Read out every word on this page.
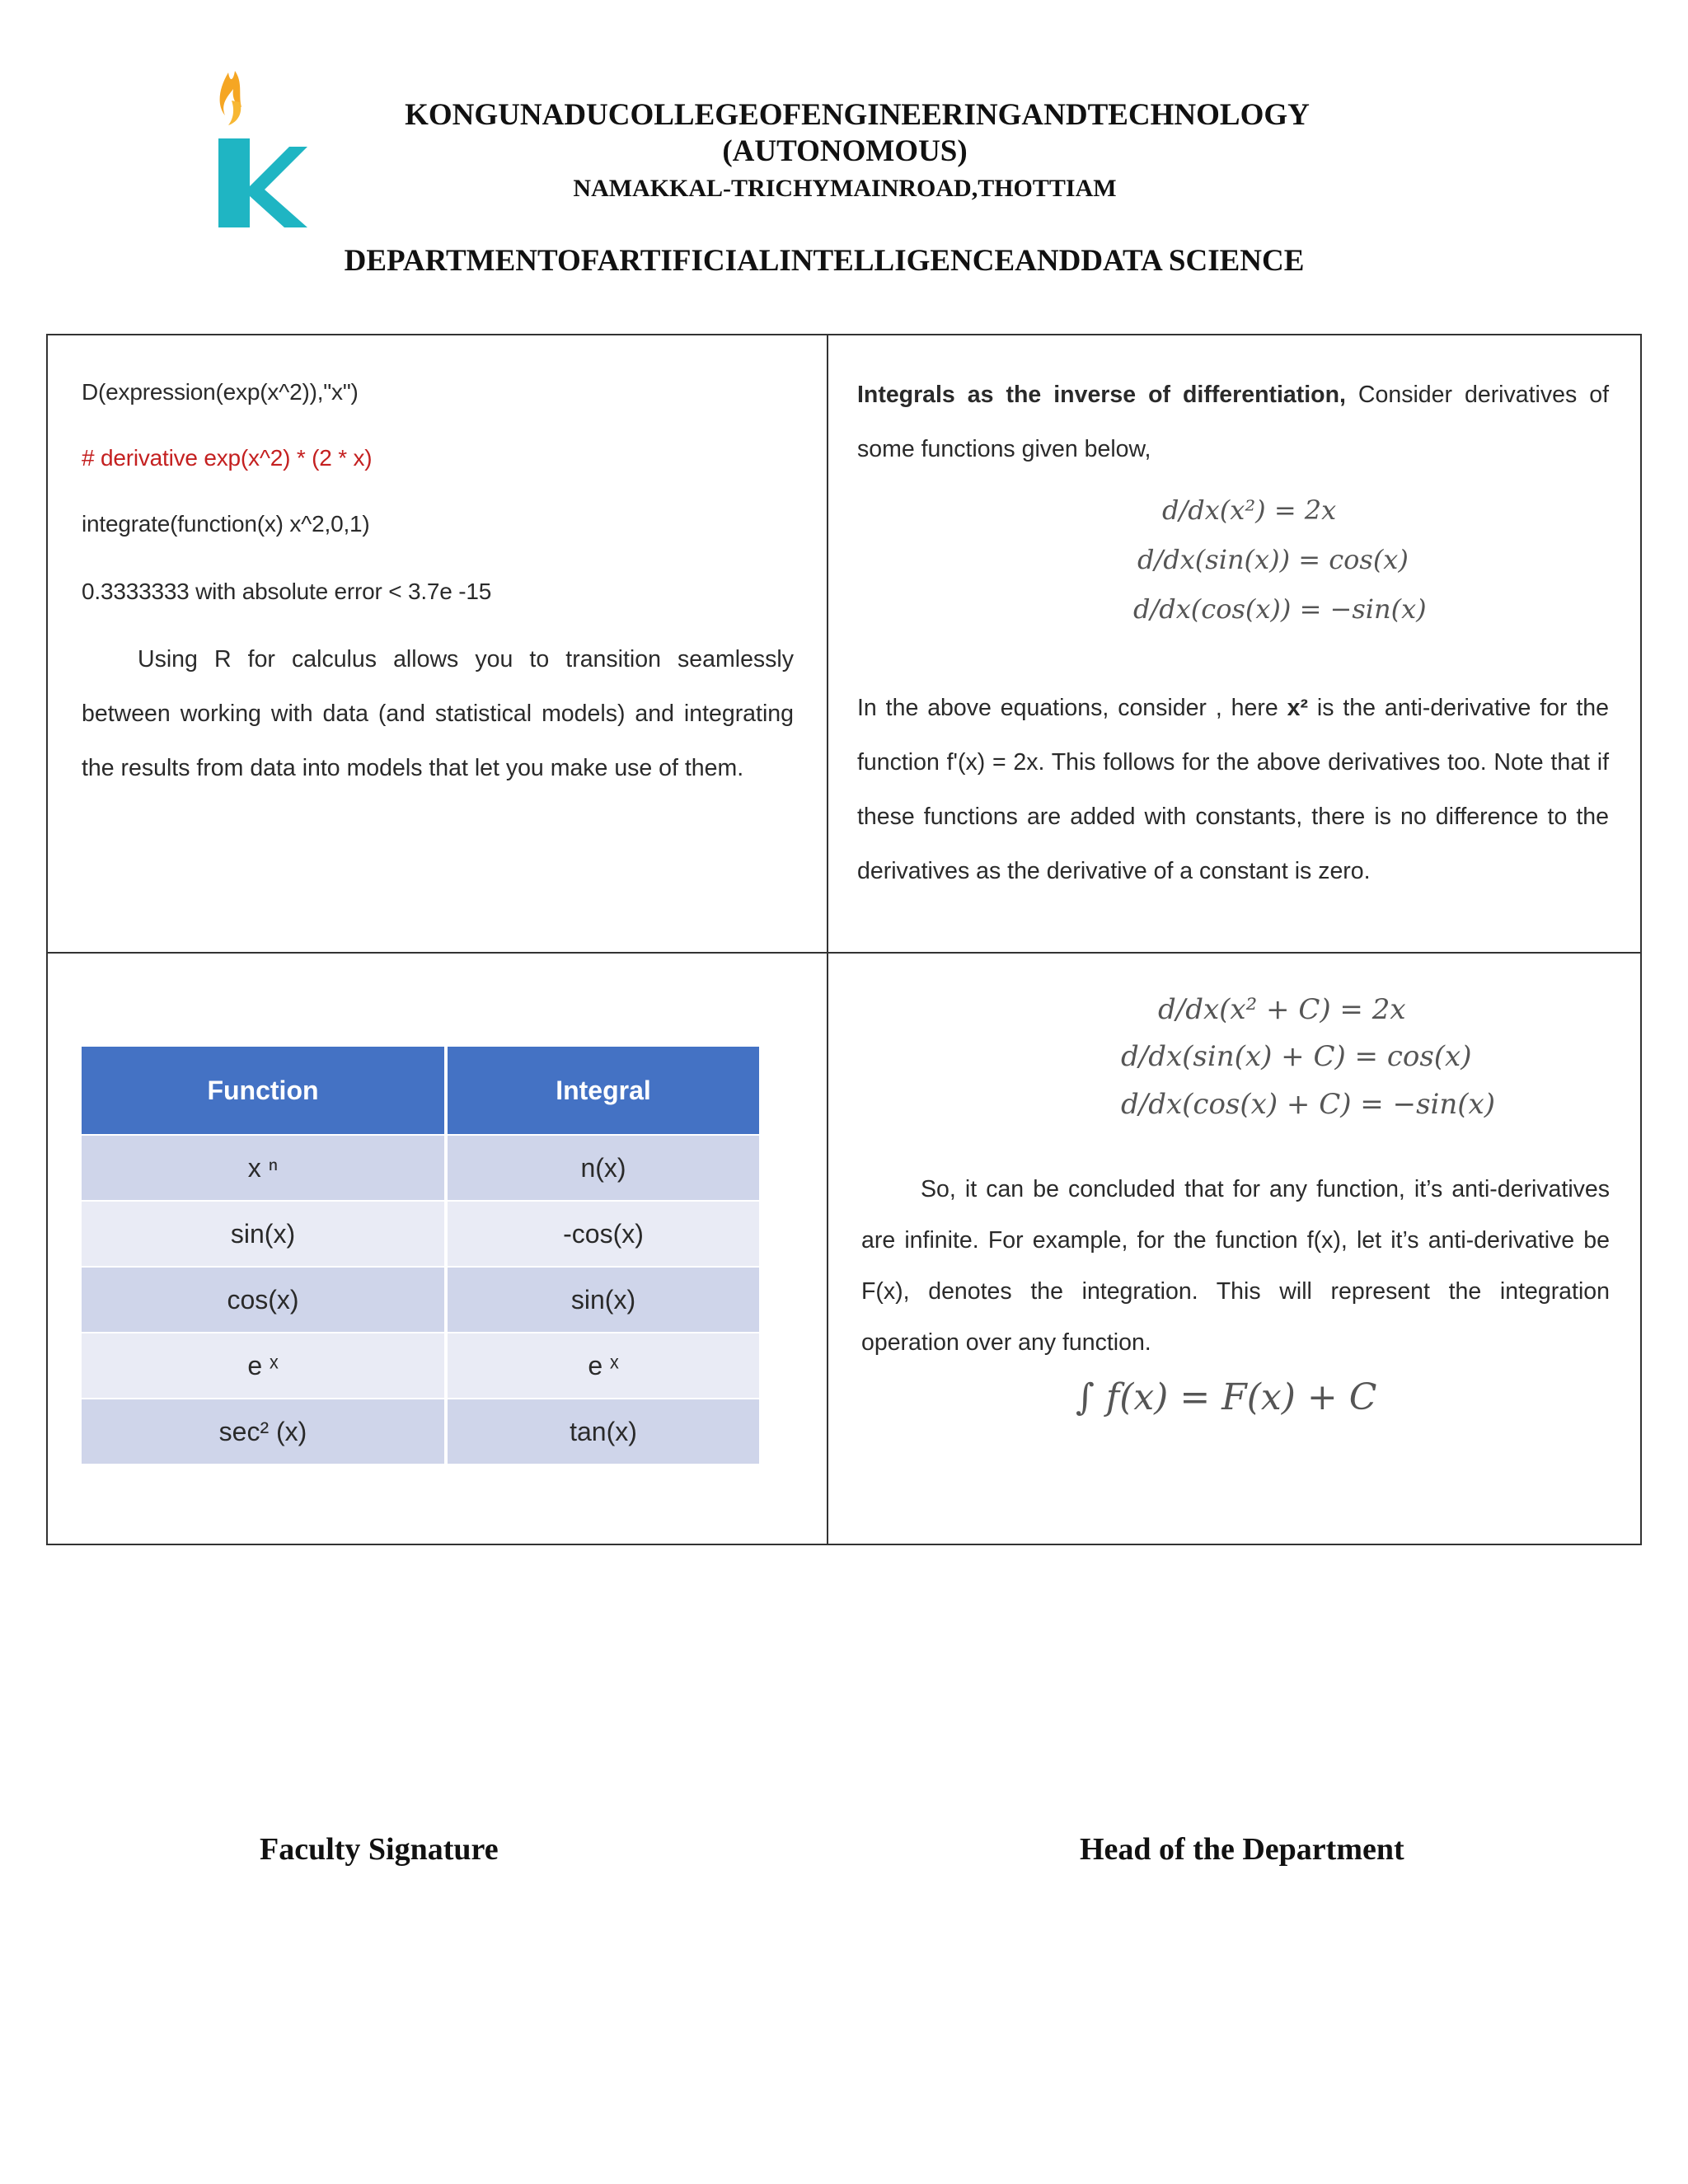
KONGUNADUCOLLEGEOFENGINEERINGANDTECHNOLOGY
(AUTONOMOUS)
NAMAKKAL-TRICHYMAINROAD,THOTTIAM
DEPARTMENTOFARTIFICIALINTELLIGENCEANDDATA SCIENCE
D(expression(exp(x^2)),"x")
# derivative exp(x^2) * (2 * x)
integrate(function(x) x^2,0,1)
0.3333333 with absolute error < 3.7e -15
Using R for calculus allows you to transition seamlessly between working with data (and statistical models) and integrating the results from data into models that let you make use of them.
Integrals as the inverse of differentiation, Consider derivatives of some functions given below,
d/dx(x²) = 2x
d/dx(sin(x)) = cos(x)
d/dx(cos(x)) = −sin(x)
In the above equations, consider , here x² is the anti-derivative for the function f'(x) = 2x. This follows for the above derivatives too. Note that if these functions are added with constants, there is no difference to the derivatives as the derivative of a constant is zero.
Function	Integral
x ⁿ	n(x)
sin(x)	-cos(x)
cos(x)	sin(x)
e ˣ	e ˣ
sec² (x)	tan(x)
d/dx(x² + C) = 2x
d/dx(sin(x) + C) = cos(x)
d/dx(cos(x) + C) = −sin(x)
So, it can be concluded that for any function, it’s anti-derivatives are infinite. For example, for the function f(x), let it’s anti-derivative be F(x), denotes the integration. This will represent the integration operation over any function.
∫ f(x) = F(x) + C
Faculty Signature	Head of the Department
